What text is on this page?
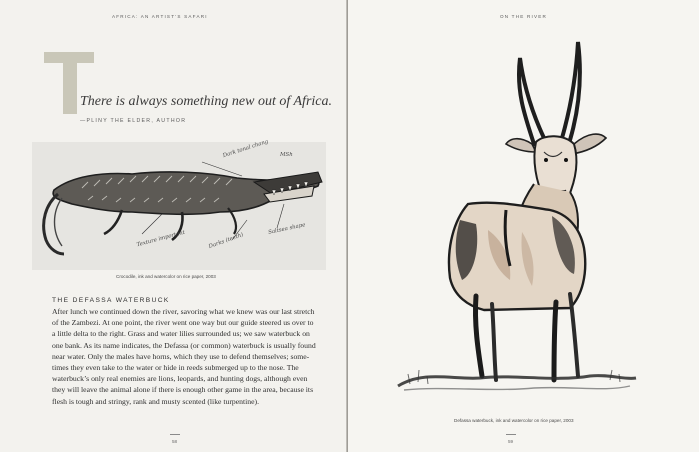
AFRICA: AN ARTIST’S SAFARI
There is always something new out of Africa.
—PLINY THE ELDER, AUTHOR
Dark tonal chang MSh
Texture important	Darks (teeth)
Saltsea shape
Crocodile, ink and watercolor on rice paper, 2003
THE DEFASSA WATERBUCK
After lunch we continued down the river, savoring what we knew was our last stretch
of the Zambezi. At one point, the river went one way but our guide steered us over to
a little delta to the right. Grass and water lilies surrounded us; we saw waterbuck on
one bank. As its name indicates, the Defassa (or common) waterbuck is usually found
near water. Only the males have horns, which they use to defend themselves; some-
times they even take to the water or hide in reeds submerged up to the nose. The
waterbuck’s only real enemies are lions, leopards, and hunting dogs, although even
they will leave the animal alone if there is enough other game in the area, because its
flesh is tough and stringy, rank and musty scented (like turpentine).
58
ON THE RIVER
Defassa waterbuck, ink and watercolor on rice paper, 2003
59
